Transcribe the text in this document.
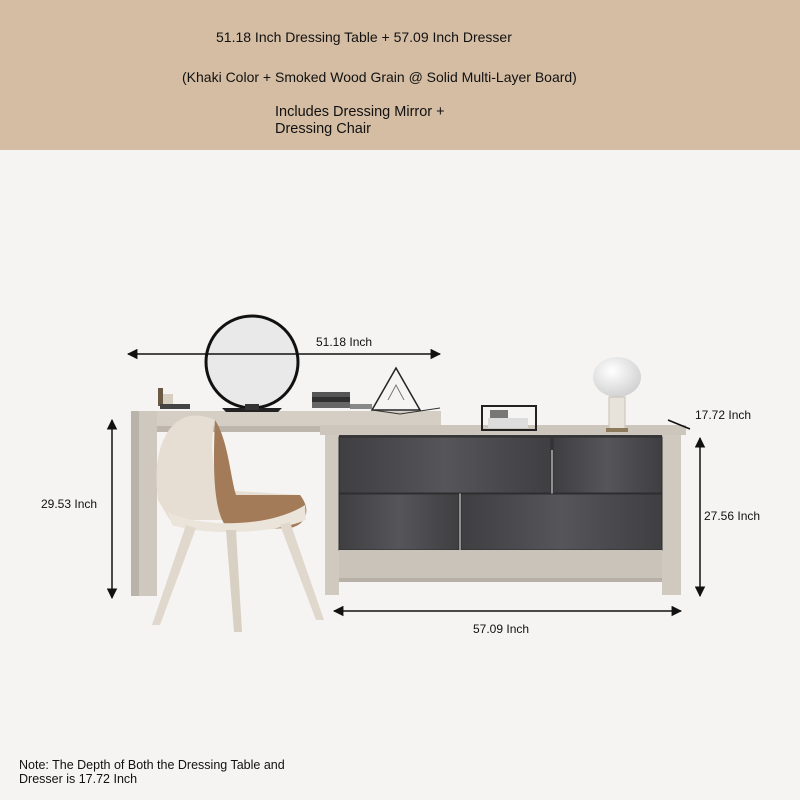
51.18 Inch Dressing Table + 57.09 Inch Dresser
(Khaki Color + Smoked Wood Grain @ Solid Multi-Layer Board)
Includes Dressing Mirror +
Dressing Chair
51.18 Inch
29.53 Inch
17.72 Inch
27.56 Inch
57.09 Inch
Note: The Depth of Both the Dressing Table and
Dresser is 17.72 Inch
